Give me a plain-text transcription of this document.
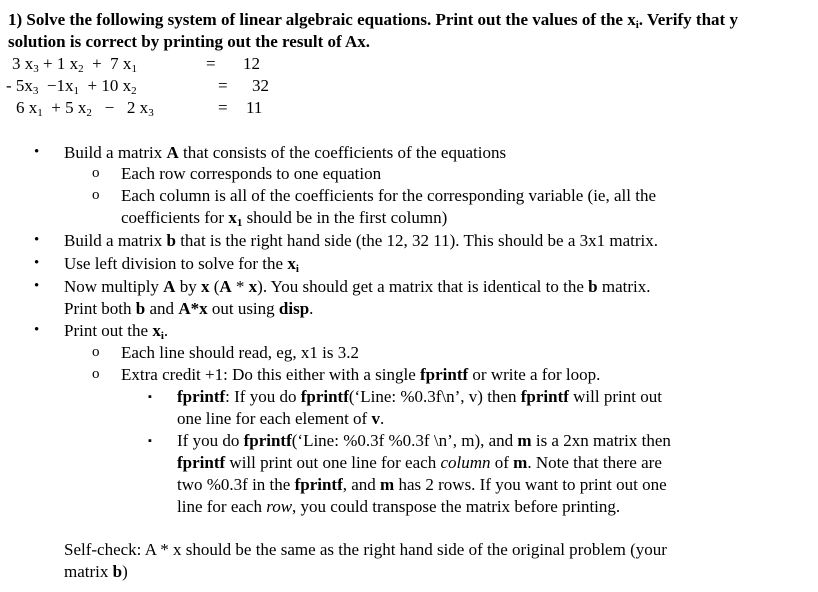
1) Solve the following system of linear algebraic equations. Print out the values of the $x_i$. Verify that y
solution is correct by printing out the result of Ax.
3 $x_3 + 1$ $x_2 + 7$ $x_1$	= 12
- $5x_3 -1x_1 + 10$ $x_2$	= 32
6 $x_1 + 5$ $x_2 - 2$ $x_3$	= 11
• Build a matrix A that consists of the coefficients of the equations
o Each row corresponds to one equation
o Each column is all of the coefficients for the corresponding variable (ie, all the
coefficients for $x_1$ should be in the first column)
• Build a matrix b that is the right hand side (the 12, 32 11). This should be a 3x1 matrix.
• Use left division to solve for the $x_i$
• Now multiply A by x (A * x). You should get a matrix that is identical to the b matrix.
Print both b and A*x out using disp.
• Print out the $x_i$.
o Each line should read, eg, x1 is 3.2
o Extra credit +1: Do this either with a single fprintf or write a for loop.
▪ fprintf: If you do fprintf(‘Line: %0.3f\n’, v) then fprintf will print out
one line for each element of v.
▪ If you do fprintf(‘Line: %0.3f %0.3f \n’, m), and m is a 2xn matrix then
fprintf will print out one line for each column of m. Note that there are
two %0.3f in the fprintf, and m has 2 rows. If you want to print out one
line for each row, you could transpose the matrix before printing.
Self-check: A * x should be the same as the right hand side of the original problem (your
matrix b)
